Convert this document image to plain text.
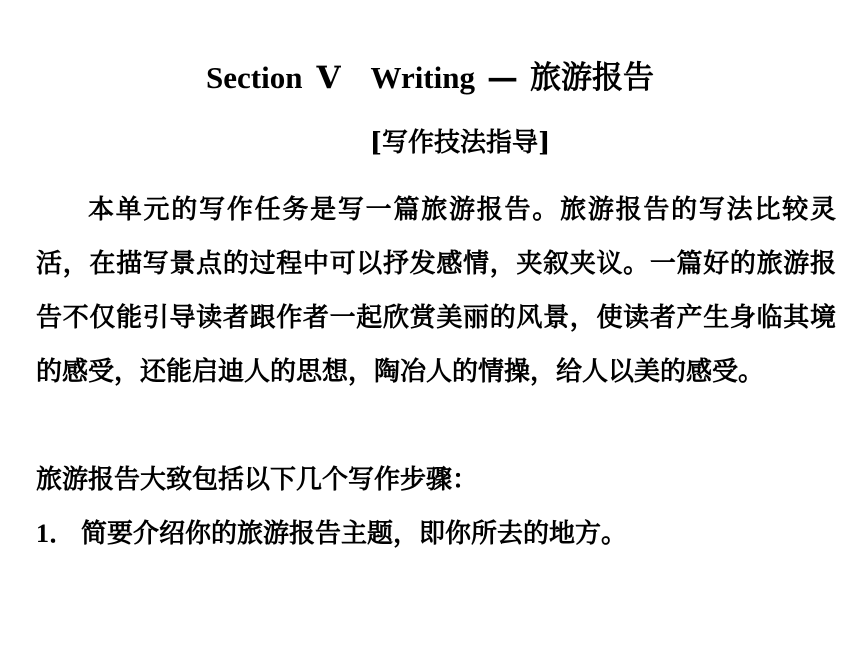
Section Ⅴ Writing — 旅游报告
[写作技法指导]
本单元的写作任务是写一篇旅游报告。旅游报告的写法比较灵活，在描写景点的过程中可以抒发感情，夹叙夹议。一篇好的旅游报告不仅能引导读者跟作者一起欣赏美丽的风景，使读者产生身临其境的感受，还能启迪人的思想，陶冶人的情操，给人以美的感受。
旅游报告大致包括以下几个写作步骤：
1． 简要介绍你的旅游报告主题，即你所去的地方。
